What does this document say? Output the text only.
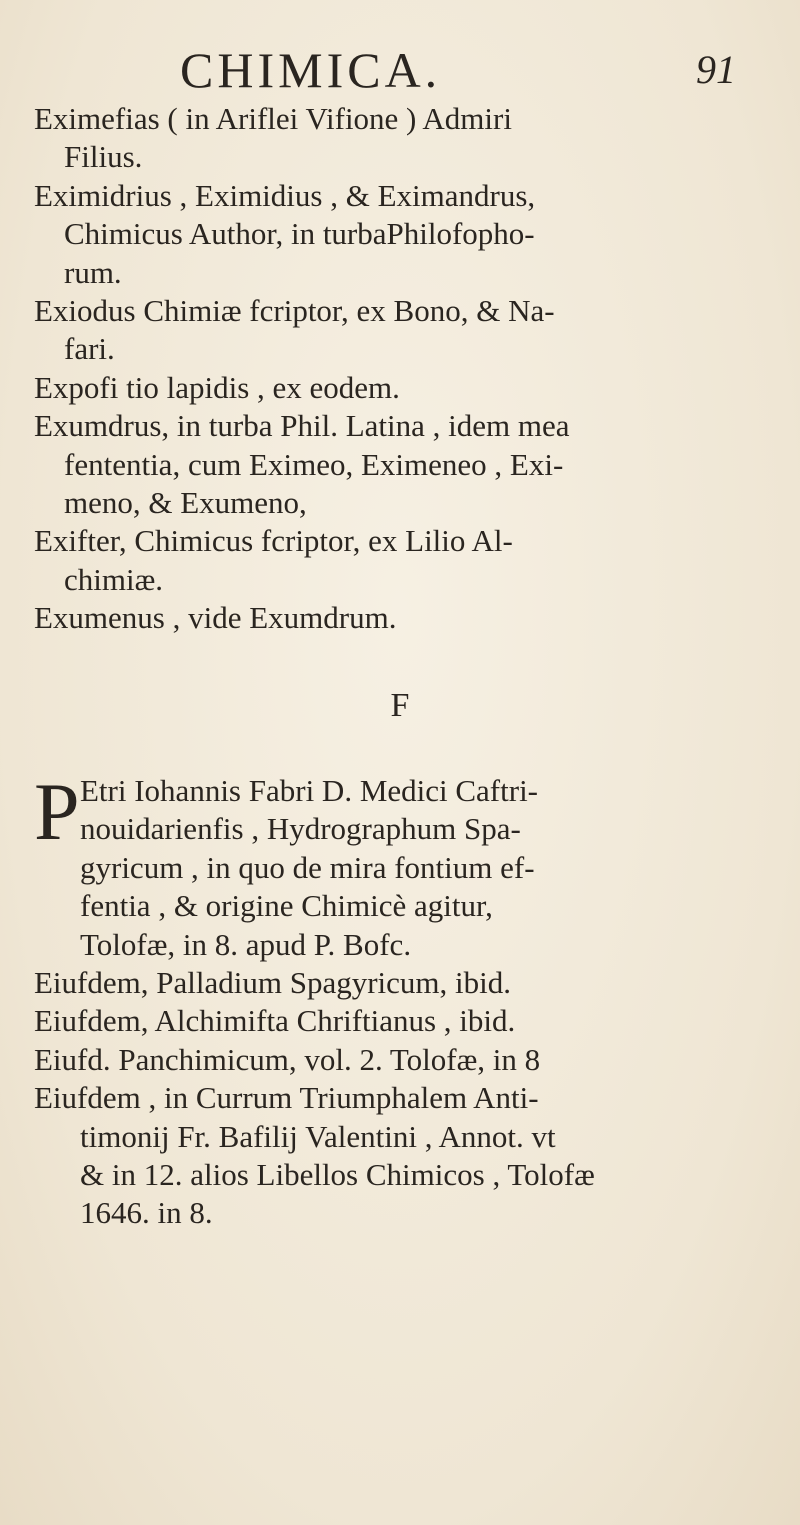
CHIMICA.	91
Eximefias ( in Ariflei Vifione ) Admiri
Filius.
Eximidrius , Eximidius , & Eximandrus,
Chimicus Author, in turbaPhilofopho-
rum.
Exiodus Chimiæ fcriptor, ex Bono, & Na-
fari.
Expofi tio lapidis , ex eodem.
Exumdrus, in turba Phil. Latina , idem mea
fententia, cum Eximeo, Eximeneo , Exi-
meno, & Exumeno,
Exifter, Chimicus fcriptor, ex Lilio Al-
chimiæ.
Exumenus , vide Exumdrum.
F
P Etri Iohannis Fabri D. Medici Caftri-
nouidarienfis , Hydrographum Spa-
gyricum , in quo de mira fontium ef-
fentia , & origine Chimicè agitur,
Tolofæ, in 8. apud P. Bofc.
Eiufdem, Palladium Spagyricum, ibid.
Eiufdem, Alchimifta Chriftianus , ibid.
Eiufd. Panchimicum, vol. 2. Tolofæ, in 8
Eiufdem , in Currum Triumphalem Anti-
timonij Fr. Bafilij Valentini , Annot. vt
& in 12. alios Libellos Chimicos , Tolofæ
1646. in 8.
